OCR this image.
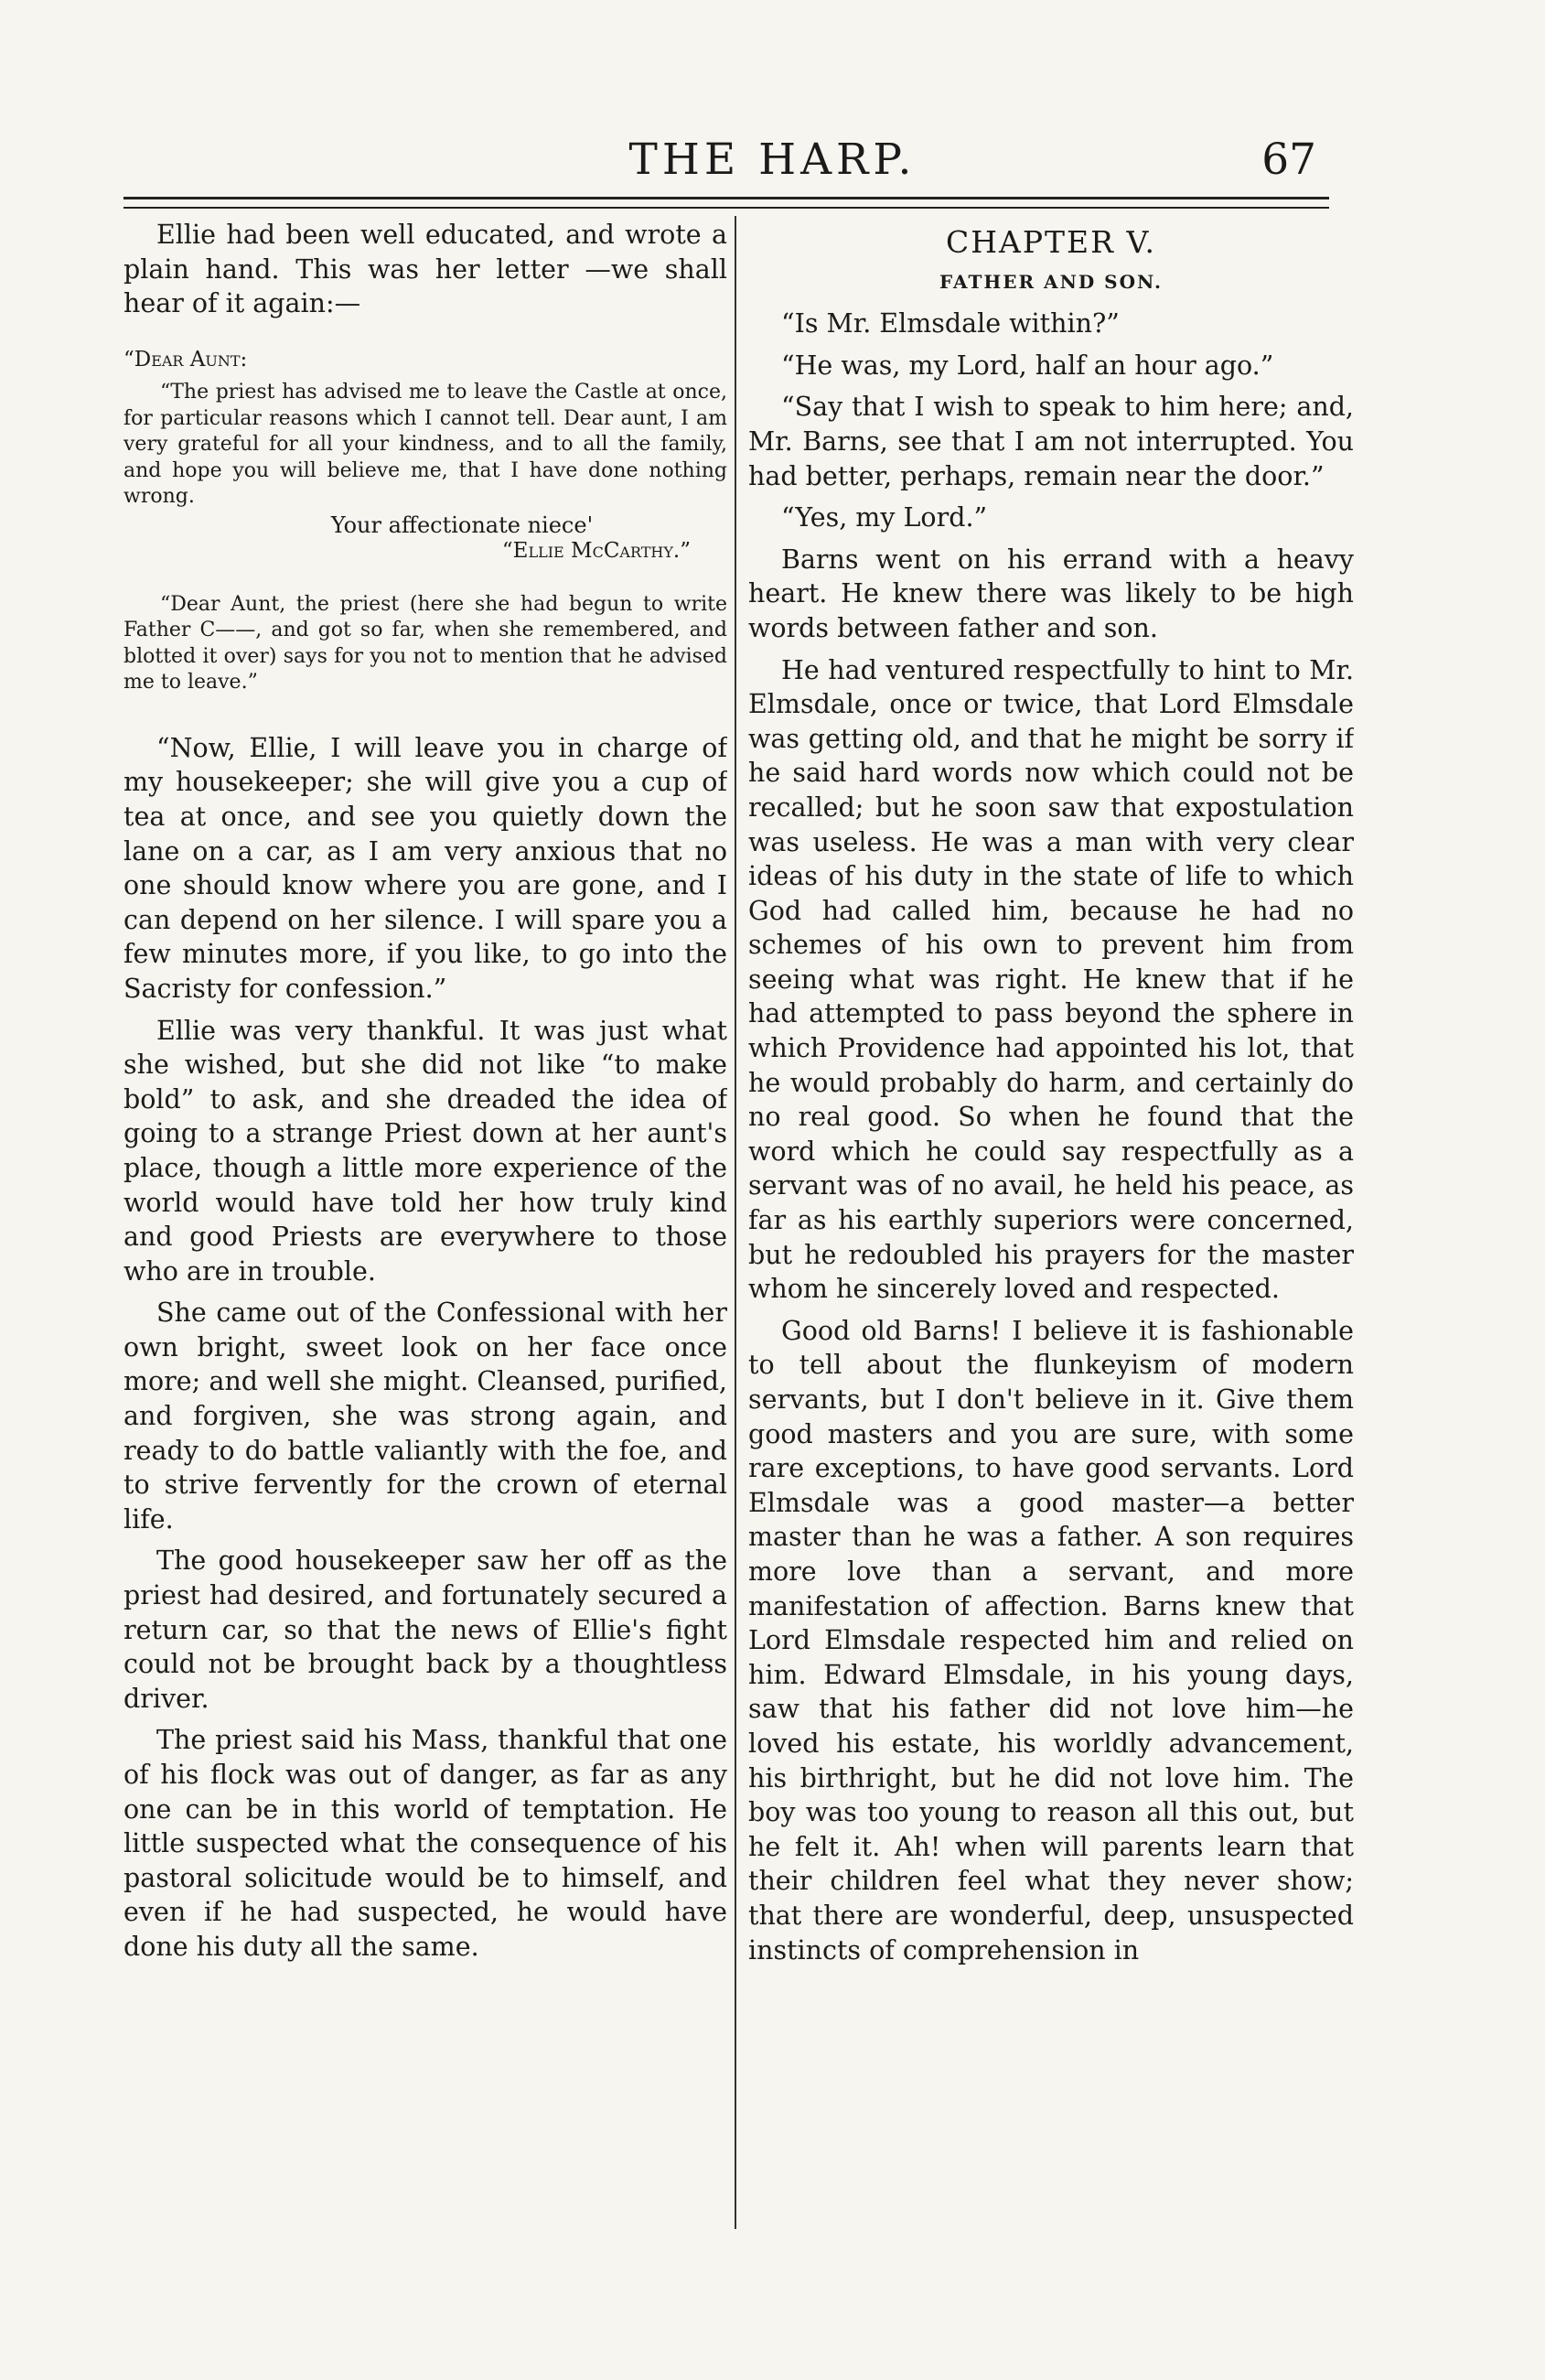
THE HARP.	67

Ellie had been well educated, and wrote a plain hand. This was her letter —we shall hear of it again:—

“Dear Aunt:

“The priest has advised me to leave the Castle at once, for particular reasons which I cannot tell. Dear aunt, I am very grateful for all your kindness, and to all the family, and hope you will believe me, that I have done nothing wrong.

Your affectionate niece'

“Ellie McCarthy.”

“Dear Aunt, the priest (here she had begun to write Father C——, and got so far, when she remembered, and blotted it over) says for you not to mention that he advised me to leave.”

“Now, Ellie, I will leave you in charge of my housekeeper; she will give you a cup of tea at once, and see you quietly down the lane on a car, as I am very anxious that no one should know where you are gone, and I can depend on her silence. I will spare you a few minutes more, if you like, to go into the Sacristy for confession.”

Ellie was very thankful. It was just what she wished, but she did not like “to make bold” to ask, and she dreaded the idea of going to a strange Priest down at her aunt's place, though a little more experience of the world would have told her how truly kind and good Priests are everywhere to those who are in trouble.

She came out of the Confessional with her own bright, sweet look on her face once more; and well she might. Cleansed, purified, and forgiven, she was strong again, and ready to do battle valiantly with the foe, and to strive fervently for the crown of eternal life.

The good housekeeper saw her off as the priest had desired, and fortunately secured a return car, so that the news of Ellie's fight could not be brought back by a thoughtless driver.

The priest said his Mass, thankful that one of his flock was out of danger, as far as any one can be in this world of temptation. He little suspected what the consequence of his pastoral solicitude would be to himself, and even if he had suspected, he would have done his duty all the same.

CHAPTER V.

FATHER AND SON.

“Is Mr. Elmsdale within?”

“He was, my Lord, half an hour ago.”

“Say that I wish to speak to him here; and, Mr. Barns, see that I am not interrupted. You had better, perhaps, remain near the door.”

“Yes, my Lord.”

Barns went on his errand with a heavy heart. He knew there was likely to be high words between father and son.

He had ventured respectfully to hint to Mr. Elmsdale, once or twice, that Lord Elmsdale was getting old, and that he might be sorry if he said hard words now which could not be recalled; but he soon saw that expostulation was useless. He was a man with very clear ideas of his duty in the state of life to which God had called him, because he had no schemes of his own to prevent him from seeing what was right. He knew that if he had attempted to pass beyond the sphere in which Providence had appointed his lot, that he would probably do harm, and certainly do no real good. So when he found that the word which he could say respectfully as a servant was of no avail, he held his peace, as far as his earthly superiors were concerned, but he redoubled his prayers for the master whom he sincerely loved and respected.

Good old Barns! I believe it is fashionable to tell about the flunkeyism of modern servants, but I don't believe in it. Give them good masters and you are sure, with some rare exceptions, to have good servants. Lord Elmsdale was a good master—a better master than he was a father. A son requires more love than a servant, and more manifestation of affection. Barns knew that Lord Elmsdale respected him and relied on him. Edward Elmsdale, in his young days, saw that his father did not love him—he loved his estate, his worldly advancement, his birthright, but he did not love him. The boy was too young to reason all this out, but he felt it. Ah! when will parents learn that their children feel what they never show; that there are wonderful, deep, unsuspected instincts of comprehension in
